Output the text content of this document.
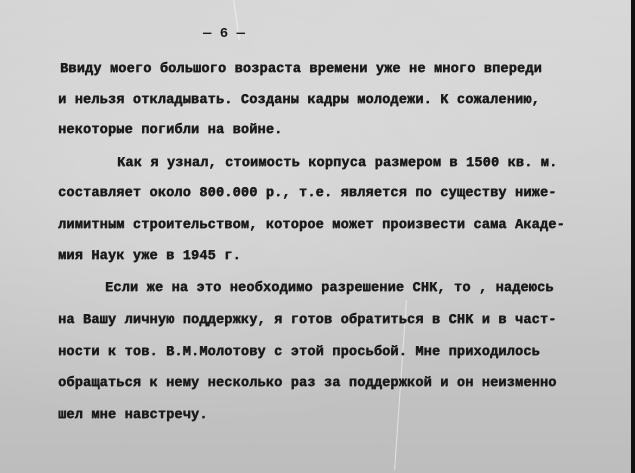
— 6 —
Ввиду моего большого возраста времени уже не много впереди
и нельзя откладывать. Созданы кадры молодежи. К сожалению,
некоторые погибли на войне.
Как я узнал, стоимость корпуса размером в 1500 кв. м.
составляет около 800.000 р., т.е. является по существу ниже-
лимитным строительством, которое может произвести сама Акаде-
мия Наук уже в 1945 г.
Если же на это необходимо разрешение СНК, то , надеюсь
на Вашу личную поддержку, я готов обратиться в СНК и в част-
ности к тов. В.М.Молотову с этой просьбой. Мне приходилось
обращаться к нему несколько раз за поддержкой и он неизменно
шел мне навстречу.
